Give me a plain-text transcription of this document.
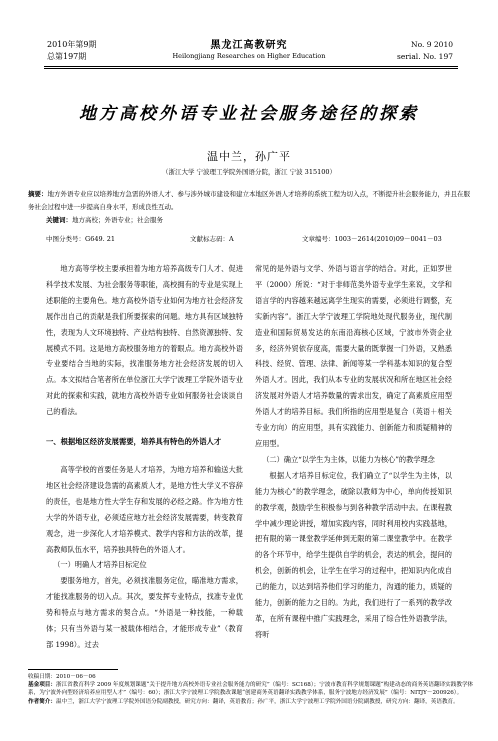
2010年第9期
总第197期
黑龙江高教研究
Heilongjiang Researches on Higher Education
No. 9 2010
serial. No. 197
地方高校外语专业社会服务途径的探索
温中兰，孙广平
（浙江大学 宁波理工学院外国语分院，浙江 宁波 315100）
摘要：地方外语专业应以培养地方急需的外语人才、参与涉外城市建设和建立本地区外语人才培养的系统工程为切入点，不断提升社会服务能力，并且在服务社会过程中进一步提高自身水平，形成良性互动。
关键词：地方高校；外语专业；社会服务
中图分类号：G649. 21	文献标志码：A	文章编号：1003－2614(2010)09－0041－03

地方高等学校主要承担着为地方培养高级专门人才、促进科学技术发展、为社会服务等职能，高校拥有的专业是实现上述职能的主要角色。地方高校外语专业如何为地方社会经济发展作出自己的贡献是我们所要探索的问题。地方具有区域独特性，表现为人文环境独特、产业结构独特、自然资源独特、发展模式不同。这是地方高校服务地方的着眼点。地方高校外语专业要结合当地的实际，找准服务地方社会经济发展的切入点。本文拟结合笔者所在单位浙江大学宁波理工学院外语专业对此的探索和实践，就地方高校外语专业如何服务社会谈谈自己的看法。

一、根据地区经济发展需要，培养具有特色的外语人才

高等学校的首要任务是人才培养，为地方培养和输送大批地区社会经济建设急需的高素质人才，是地方性大学义不容辞的责任，也是地方性大学生存和发展的必经之路。作为地方性大学的外语专业，必须适应地方社会经济发展需要，转变教育观念，进一步深化人才培养模式、教学内容和方法的改革，提高教师队伍水平，培养独具特色的外语人才。

（一）明确人才培养目标定位

要服务地方，首先，必须找准服务定位，瞄准地方需求，才能找准服务的切入点。其次，要发挥专业特点，找准专业优势和特点与地方需求的契合点。“外语是一种技能，一种载体；只有当外语与某一被载体相结合，才能形成专业”（教育部 1998）。过去

常见的是外语与文学、外语与语言学的结合。对此，正如罗世平（2000）所说：“对于非师范类外语专业学生来说，文学和语言学的内容越来越远离学生现实的需要，必须进行调整，充实新内容”。浙江大学宁波理工学院地处现代服务业，现代制造业和国际贸易发达的东南沿海核心区域，宁波市外资企业多，经济外贸依存度高，需要大量的既掌握一门外语，又熟悉科技、经贸、管理、法律、新闻等某一学科基本知识的复合型外语人才。因此，我们从本专业的发展状况和所在地区社会经济发展对外语人才培养数量的需求出发，确定了高素质应用型外语人才的培养目标。我们所指的应用型是复合（英语＋相关专业方向）的应用型，具有实践能力、创新能力和质疑精神的应用型。

（二）确立“以学生为主体，以能力为核心”的教学理念

根据人才培养目标定位，我们确立了“以学生为主体，以能力为核心”的教学理念，破除以教师为中心，单向传授知识的教学观，鼓励学生积极参与到各种教学活动中去。在课程教学中减少理论讲授，增加实践内容，同时利用校内实践基地，把有限的第一课堂教学延伸到无限的第二课堂教学中。在教学的各个环节中，给学生提供自学的机会，表达的机会，提问的机会，创新的机会，让学生在学习的过程中，把知识内化成自己的能力，以达到培养他们学习的能力，沟通的能力，质疑的能力，创新的能力之目的。为此，我们进行了一系列的教学改革，在所有课程中推广实践理念，采用了综合性外语教学法，将听

收稿日期：2010－06－06
基金项目：浙江省教育科学 2009 年度规划课题“关于提升地方高校外语专业社会服务能力的研究”（编号：SC168）；宁波市教育科学规划课题“构建动态的商务英语翻译实践教学体系，为宁波外向型经济培养应用型人才”（编号：60）；浙江大学宁波理工学院教改课题“创建商务英语翻译实践教学体系，服务宁波地方经济发展”（编号：NITJY－200926）。
作者简介：温中兰，浙江大学宁波理工学院外国语分院副教授，研究方向：翻译，英语教育；孙广平，浙江大学宁波理工学院外国语分院副教授，研究方向：翻译，英语教育。
